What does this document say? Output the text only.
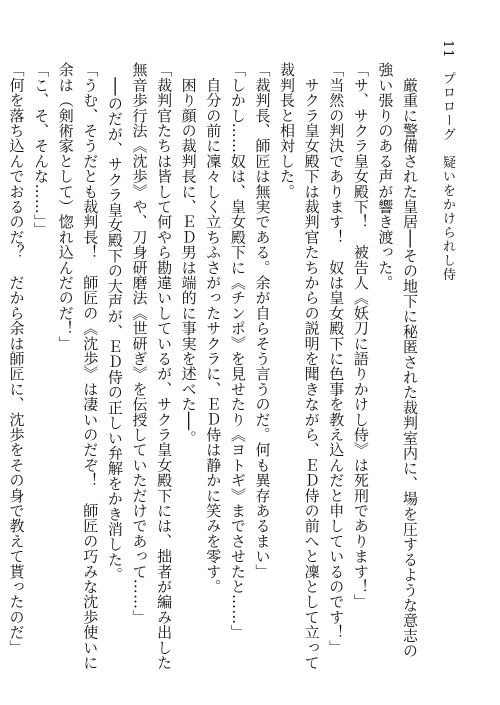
11 プロローグ　疑いをかけられし侍

　厳重に警備された皇居──その地下に秘匿された裁判室内に、場を圧するような意志の

強い張りのある声が響き渡った。

「サ、サクラ皇女殿下！　被告人《妖刀に語りかけし侍》は死刑であります！」

「当然の判決であります！　奴は皇女殿下に色事を教え込んだと申しているのです！」

　サクラ皇女殿下は裁判官たちからの説明を聞きながら、ＥＤ侍の前へと凜として立って

裁判長と相対した。

「裁判長、師匠は無実である。余が自らそう言うのだ。何も異存あるまい」

「しかし……奴は、皇女殿下に《チンポ》を見せたり《ヨトギ》までさせたと……」

　自分の前に凜々しく立ちふさがったサクラに、ＥＤ侍は静かに笑みを零す。

　困り顔の裁判長に、ＥＤ男は端的に事実を述べた──。

「裁判官たちは皆して何やら勘違いしているが、サクラ皇女殿下には、拙者が編み出した

無音歩行法《沈歩》や、刀身研磨法《世研ぎ》を伝授していただけであって……」

　──のだが、サクラ皇女殿下の大声が、ＥＤ侍の正しい弁解をかき消した。

「うむ、そうだとも裁判長！　師匠の《沈歩》は凄いのだぞ！　師匠の巧みな沈歩使いに

余は（剣術家として）惚れ込んだのだ！」

「こ、そ、そんな……」」

「何を落ち込んでおるのだ？　だから余は師匠に、沈歩をその身で教えて貰ったのだ」
